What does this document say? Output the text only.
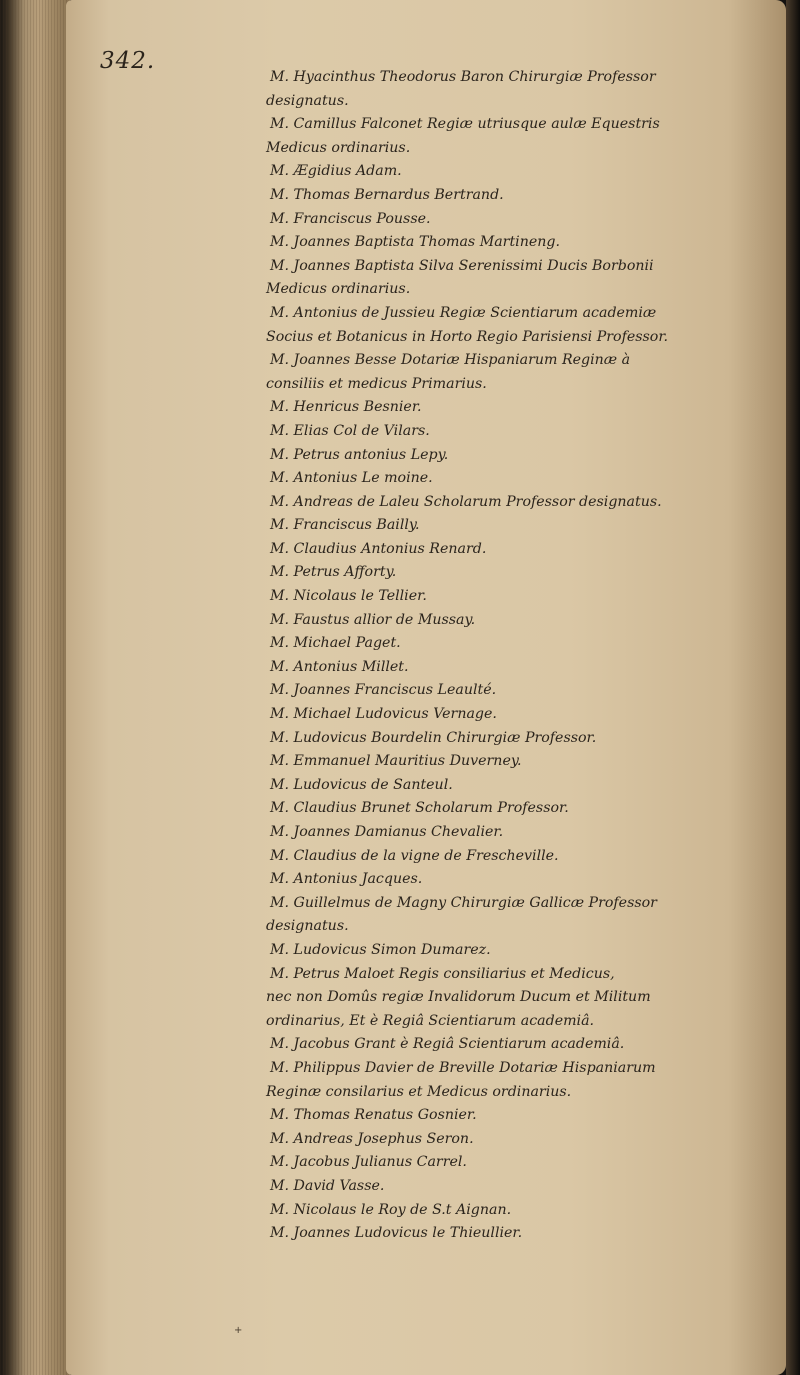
342.
M. Hyacinthus Theodorus Baron Chirurgiæ Professor
designatus.
M. Camillus Falconet Regiæ utriusque aulæ Equestris
Medicus ordinarius.
M. Ægidius Adam.
M. Thomas Bernardus Bertrand.
M. Franciscus Pousse.
M. Joannes Baptista Thomas Martineng.
M. Joannes Baptista Silva Serenissimi Ducis Borbonii
Medicus ordinarius.
M. Antonius de Jussieu Regiæ Scientiarum academiæ
Socius et Botanicus in Horto Regio Parisiensi Professor.
M. Joannes Besse Dotariæ Hispaniarum Reginæ à
consiliis et medicus Primarius.
M. Henricus Besnier.
M. Elias Col de Vilars.
M. Petrus antonius Lepy.
M. Antonius Le moine.
M. Andreas de Laleu Scholarum Professor designatus.
M. Franciscus Bailly.
M. Claudius Antonius Renard.
M. Petrus Afforty.
M. Nicolaus le Tellier.
M. Faustus allior de Mussay.
M. Michael Paget.
M. Antonius Millet.
M. Joannes Franciscus Leaulté.
M. Michael Ludovicus Vernage.
M. Ludovicus Bourdelin Chirurgiæ Professor.
M. Emmanuel Mauritius Duverney.
M. Ludovicus de Santeul.
M. Claudius Brunet Scholarum Professor.
M. Joannes Damianus Chevalier.
M. Claudius de la vigne de Frescheville.
M. Antonius Jacques.
M. Guillelmus de Magny Chirurgiæ Gallicæ Professor
designatus.
M. Ludovicus Simon Dumarez.
M. Petrus Maloet Regis consiliarius et Medicus,
nec non Domûs regiæ Invalidorum Ducum et Militum
ordinarius, Et è Regiâ Scientiarum academiâ.
M. Jacobus Grant è Regiâ Scientiarum academiâ.
M. Philippus Davier de Breville Dotariæ Hispaniarum
Reginæ consilarius et Medicus ordinarius.
M. Thomas Renatus Gosnier.
M. Andreas Josephus Seron.
M. Jacobus Julianus Carrel.
M. David Vasse.
M. Nicolaus le Roy de S.t Aignan.
M. Joannes Ludovicus le Thieullier.
+
